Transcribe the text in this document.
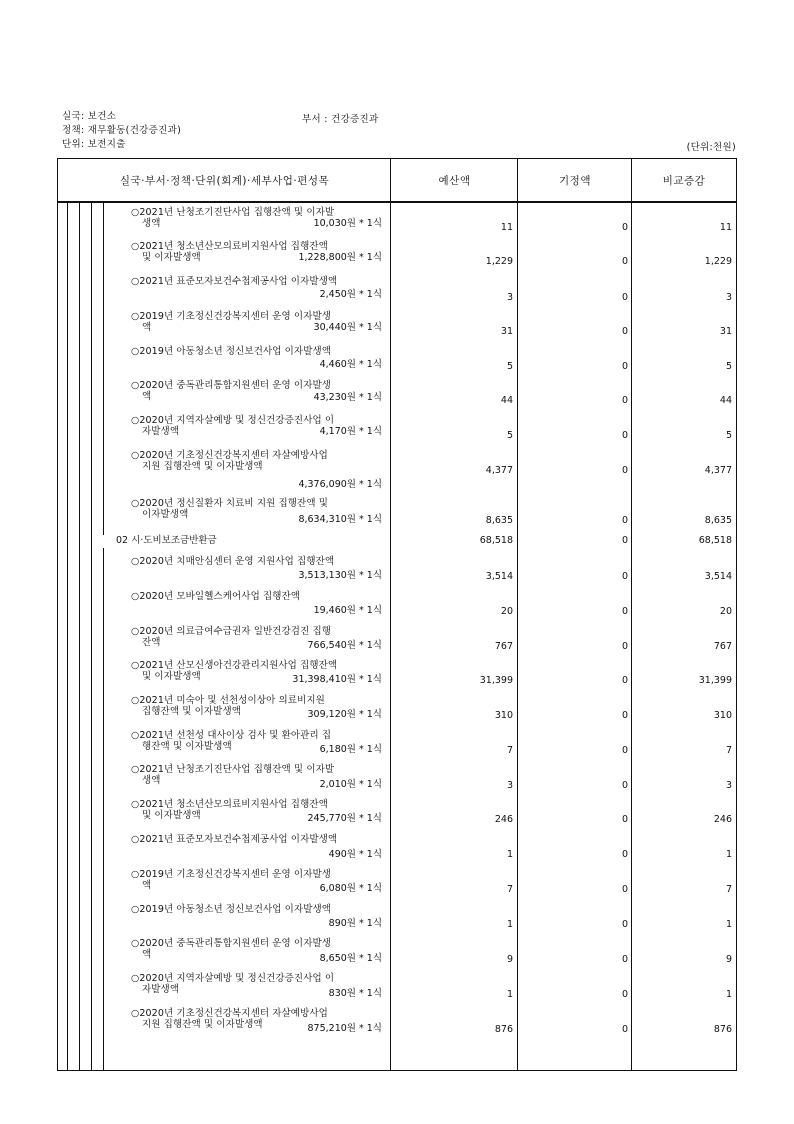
실국: 보건소
정책: 재무활동(건강증진과)
단위: 보전지출
부서 : 건강증진과
(단위:천원)
실국·부서·정책·단위(회계)·세부사업·편성목	예산액	기정액	비교증감
○2021년 난청조기진단사업 집행잔액 및 이자발
생액	10,030원 * 1식	11	0	11
○2021년 청소년산모의료비지원사업 집행잔액
및 이자발생액	1,228,800원 * 1식	1,229	0	1,229
○2021년 표준모자보건수첩제공사업 이자발생액
2,450원 * 1식	3	0	3
○2019년 기초정신건강복지센터 운영 이자발생
액	30,440원 * 1식	31	0	31
○2019년 아동청소년 정신보건사업 이자발생액
4,460원 * 1식	5	0	5
○2020년 중독관리통합지원센터 운영 이자발생
액	43,230원 * 1식	44	0	44
○2020년 지역자살예방 및 정신건강증진사업 이
자발생액	4,170원 * 1식	5	0	5
○2020년 기초정신건강복지센터 자살예방사업
지원 집행잔액 및 이자발생액
4,376,090원 * 1식
4,377	0	4,377
○2020년 정신질환자 치료비 지원 집행잔액 및
이자발생액	8,634,310원 * 1식	8,635	0	8,635
02 시·도비보조금반환금	68,518	0	68,518
○2020년 치매안심센터 운영 지원사업 집행잔액
3,513,130원 * 1식	3,514	0	3,514
○2020년 모바일헬스케어사업 집행잔액
19,460원 * 1식	20	0	20
○2020년 의료급여수급권자 일반건강검진 집행
잔액	766,540원 * 1식	767	0	767
○2021년 산모신생아건강관리지원사업 집행잔액
및 이자발생액	31,398,410원 * 1식	31,399	0	31,399
○2021년 미숙아 및 선천성이상아 의료비지원
집행잔액 및 이자발생액	309,120원 * 1식	310	0	310
○2021년 선천성 대사이상 검사 및 환아관리 집
행잔액 및 이자발생액	6,180원 * 1식	7	0	7
○2021년 난청조기진단사업 집행잔액 및 이자발
생액	2,010원 * 1식	3	0	3
○2021년 청소년산모의료비지원사업 집행잔액
및 이자발생액	245,770원 * 1식	246	0	246
○2021년 표준모자보건수첩제공사업 이자발생액
490원 * 1식	1	0	1
○2019년 기초정신건강복지센터 운영 이자발생
액	6,080원 * 1식	7	0	7
○2019년 아동청소년 정신보건사업 이자발생액
890원 * 1식	1	0	1
○2020년 중독관리통합지원센터 운영 이자발생
액	8,650원 * 1식	9	0	9
○2020년 지역자살예방 및 정신건강증진사업 이
자발생액	830원 * 1식	1	0	1
○2020년 기초정신건강복지센터 자살예방사업
지원 집행잔액 및 이자발생액	875,210원 * 1식	876	0	876
